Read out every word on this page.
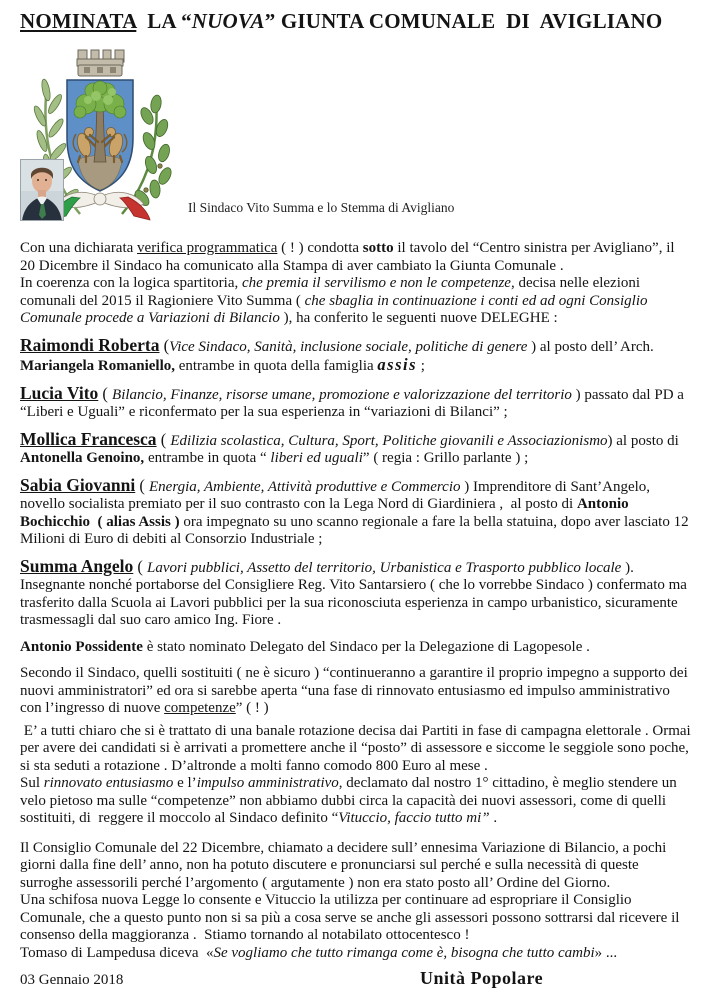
NOMINATA  LA “NUOVA” GIUNTA COMUNALE  DI  AVIGLIANO
Il Sindaco Vito Summa e lo Stemma di Avigliano

Con una dichiarata verifica programmatica ( ! ) condotta sotto il tavolo del “Centro sinistra per Avigliano”, il 20 Dicembre il Sindaco ha comunicato alla Stampa di aver cambiato la Giunta Comunale .
In coerenza con la logica spartitoria, che premia il servilismo e non le competenze, decisa nelle elezioni comunali del 2015 il Ragioniere Vito Summa ( che sbaglia in continuazione i conti ed ad ogni Consiglio Comunale procede a Variazioni di Bilancio ), ha conferito le seguenti nuove DELEGHE :

Raimondi Roberta (Vice Sindaco, Sanità, inclusione sociale, politiche di genere ) al posto dell’ Arch. Mariangela Romaniello, entrambe in quota della famiglia assis ;

Lucia Vito ( Bilancio, Finanze, risorse umane, promozione e valorizzazione del territorio ) passato dal PD a “Liberi e Uguali” e riconfermato per la sua esperienza in “variazioni di Bilanci” ;

Mollica Francesca ( Edilizia scolastica, Cultura, Sport, Politiche giovanili e Associazionismo) al posto di Antonella Genoino, entrambe in quota “ liberi ed uguali” ( regia : Grillo parlante ) ;

Sabia Giovanni ( Energia, Ambiente, Attività produttive e Commercio ) Imprenditore di Sant’Angelo, novello socialista premiato per il suo contrasto con la Lega Nord di Giardiniera ,  al posto di Antonio Bochicchio  ( alias Assis ) ora impegnato su uno scanno regionale a fare la bella statuina, dopo aver lasciato 12 Milioni di Euro di debiti al Consorzio Industriale ;

Summa Angelo ( Lavori pubblici, Assetto del territorio, Urbanistica e Trasporto pubblico locale ). Insegnante nonché portaborse del Consigliere Reg. Vito Santarsiero ( che lo vorrebbe Sindaco ) confermato ma trasferito dalla Scuola ai Lavori pubblici per la sua riconosciuta esperienza in campo urbanistico, sicuramente trasmessagli dal suo caro amico Ing. Fiore .

Antonio Possidente è stato nominato Delegato del Sindaco per la Delegazione di Lagopesole .

Secondo il Sindaco, quelli sostituiti ( ne è sicuro ) “continueranno a garantire il proprio impegno a supporto dei nuovi amministratori” ed ora si sarebbe aperta “una fase di rinnovato entusiasmo ed impulso amministrativo con l’ingresso di nuove competenze” ( ! )

E’ a tutti chiaro che si è trattato di una banale rotazione decisa dai Partiti in fase di campagna elettorale . Ormai per avere dei candidati si è arrivati a promettere anche il “posto” di assessore e siccome le seggiole sono poche, si sta seduti a rotazione . D’altronde a molti fanno comodo 800 Euro al mese .
Sul rinnovato entusiasmo e l’impulso amministrativo, declamato dal nostro 1° cittadino, è meglio stendere un velo pietoso ma sulle “competenze” non abbiamo dubbi circa la capacità dei nuovi assessori, come di quelli sostituiti, di  reggere il moccolo al Sindaco definito “Vituccio, faccio tutto mi” .

Il Consiglio Comunale del 22 Dicembre, chiamato a decidere sull’ ennesima Variazione di Bilancio, a pochi giorni dalla fine dell’ anno, non ha potuto discutere e pronunciarsi sul perché e sulla necessità di queste surroghe assessorili perché l’argomento ( argutamente ) non era stato posto all’ Ordine del Giorno.
Una schifosa nuova Legge lo consente e Vituccio la utilizza per continuare ad espropriare il Consiglio Comunale, che a questo punto non si sa più a cosa serve se anche gli assessori possono sottrarsi dal ricevere il consenso della maggioranza .  Stiamo tornando al notabilato ottocentesco !
Tomaso di Lampedusa diceva  «Se vogliamo che tutto rimanga come è, bisogna che tutto cambi» ...

03 Gennaio 2018	Unità Popolare
